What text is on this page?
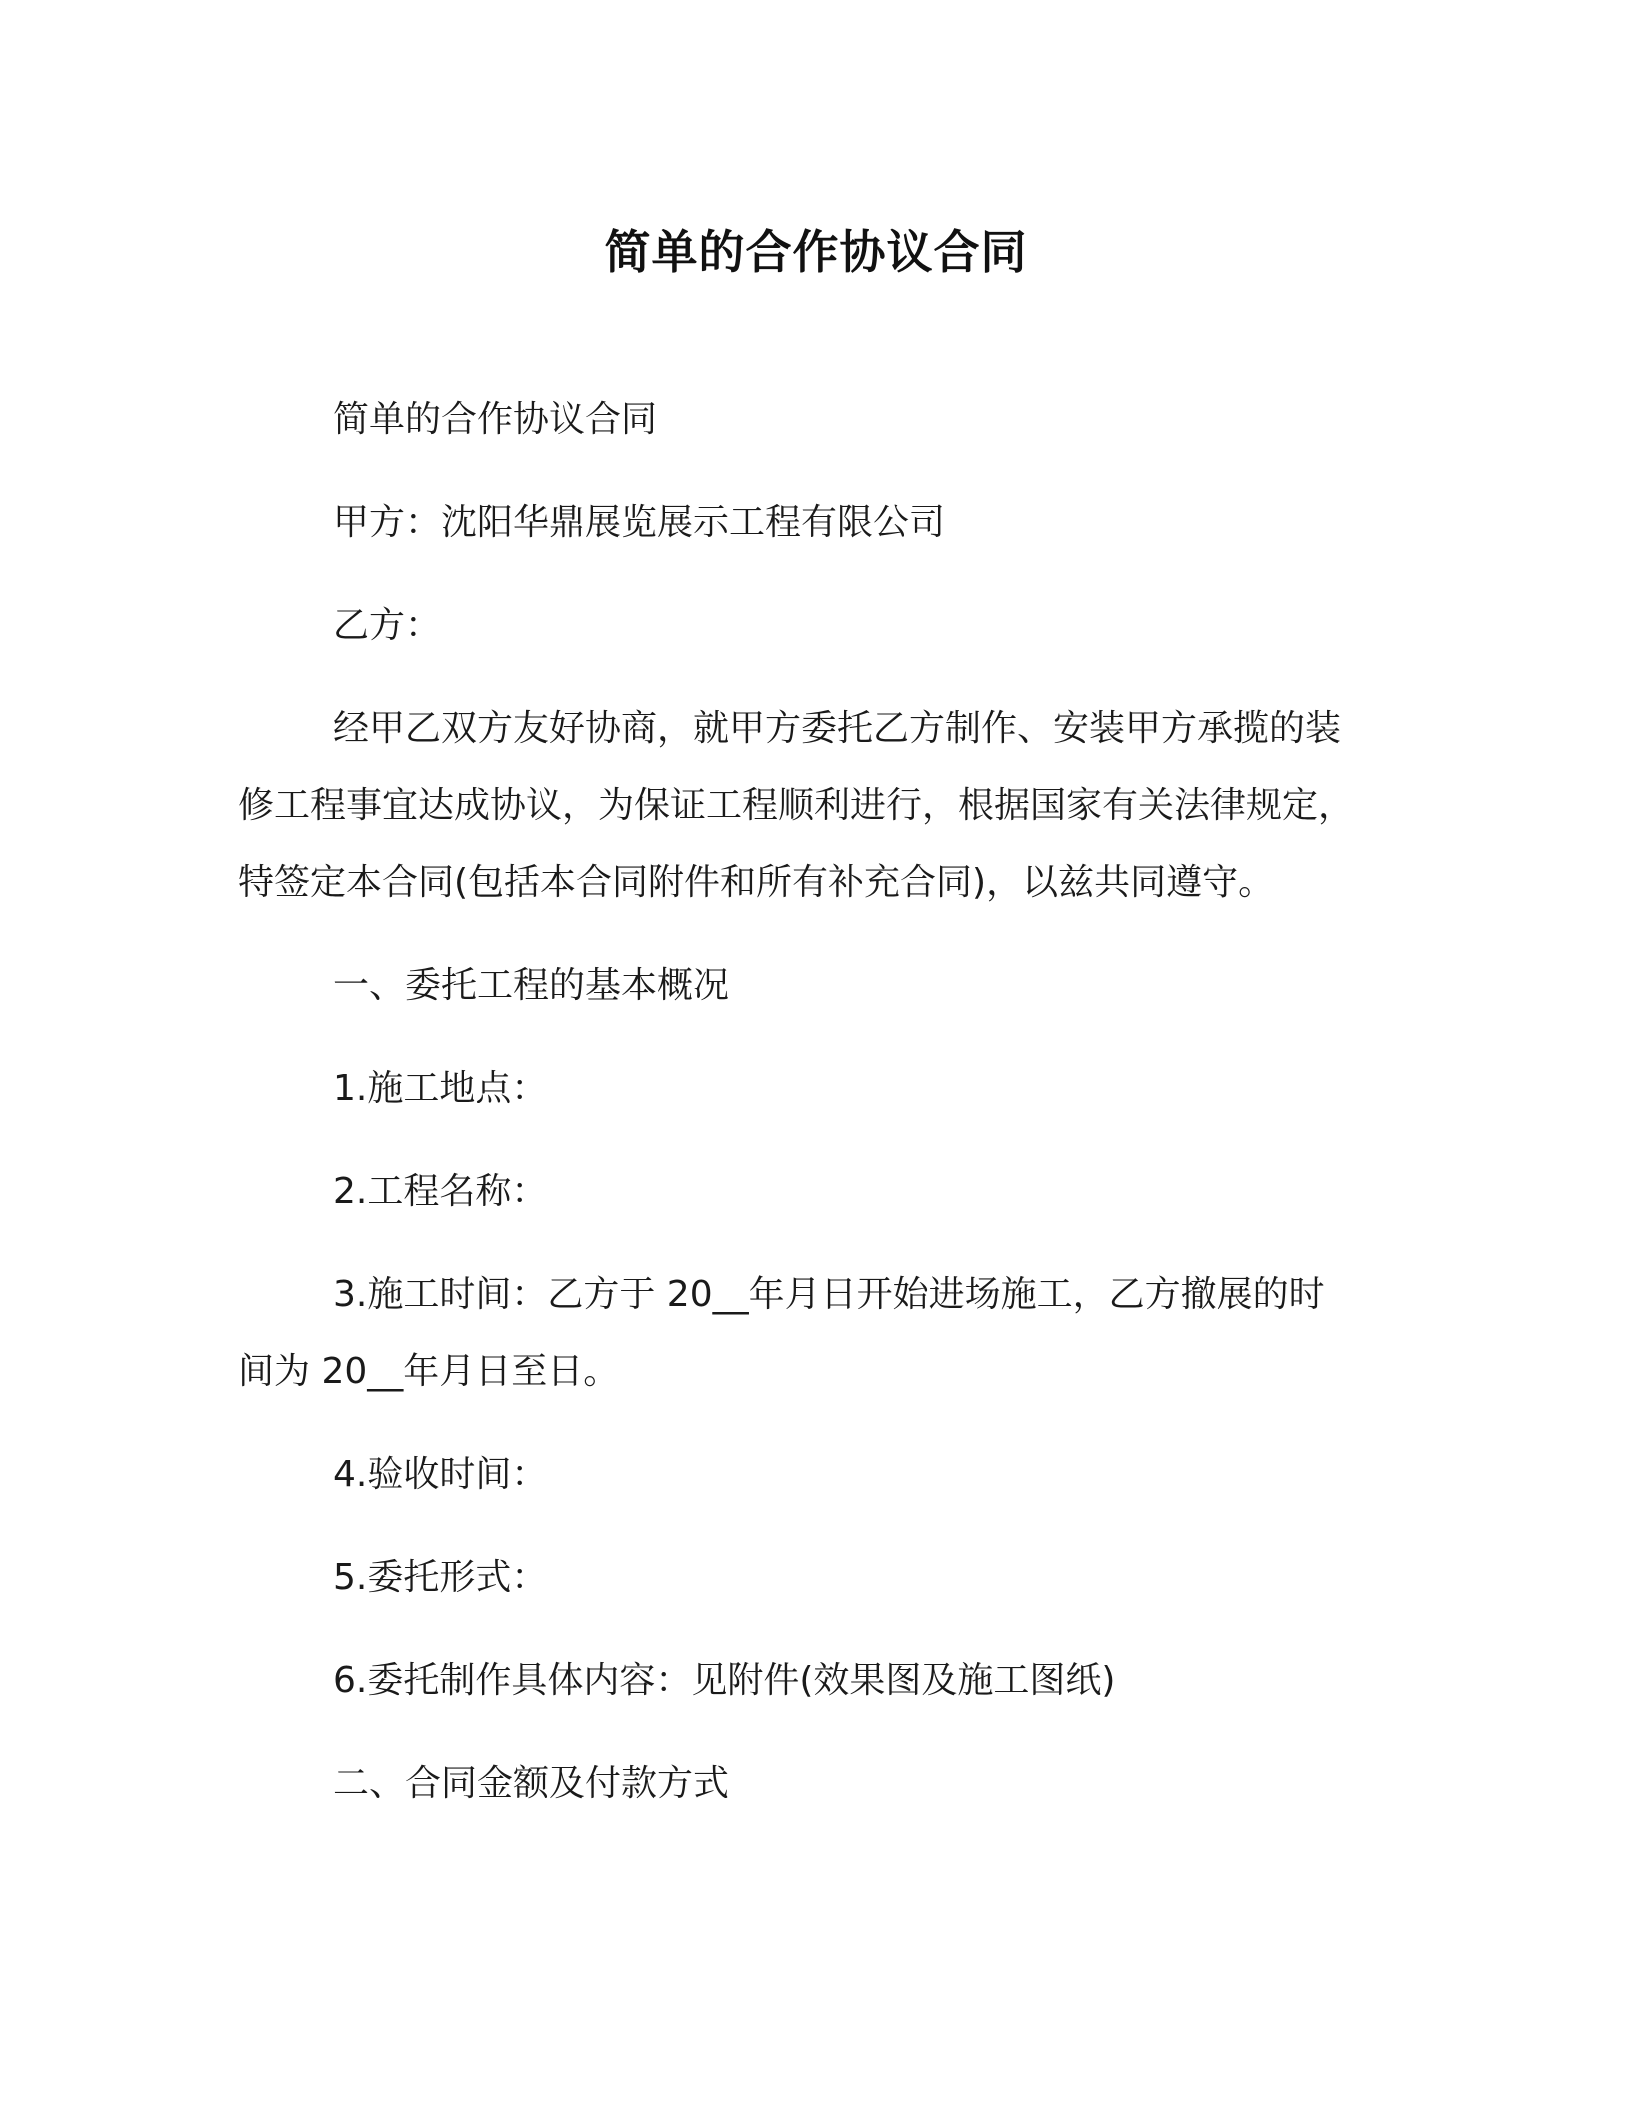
简单的合作协议合同
简单的合作协议合同
甲方：沈阳华鼎展览展示工程有限公司
乙方：
经甲乙双方友好协商，就甲方委托乙方制作、安装甲方承揽的装
修工程事宜达成协议，为保证工程顺利进行，根据国家有关法律规定，
特签定本合同(包括本合同附件和所有补充合同)，以兹共同遵守。
一、委托工程的基本概况
1.施工地点：
2.工程名称：
3.施工时间：乙方于 20__年月日开始进场施工，乙方撤展的时
间为 20__年月日至日。
4.验收时间：
5.委托形式：
6.委托制作具体内容：见附件(效果图及施工图纸)
二、合同金额及付款方式
